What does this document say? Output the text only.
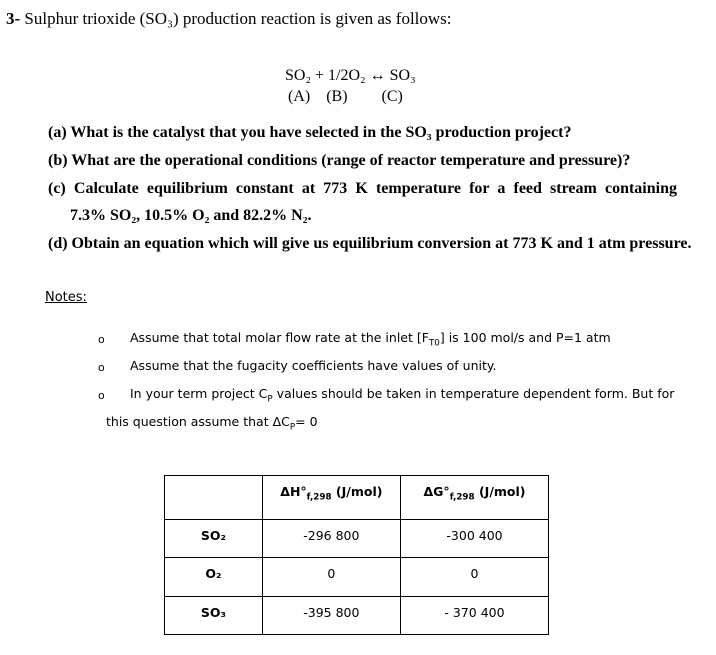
3- Sulphur trioxide (SO₃) production reaction is given as follows:
SO₂ + 1/2O₂ ↔ SO₃
(A) (B) (C)
(a) What is the catalyst that you have selected in the SO₃ production project?
(b) What are the operational conditions (range of reactor temperature and pressure)?
(c) Calculate equilibrium constant at 773 K temperature for a feed stream containing
7.3% SO₂, 10.5% O₂ and 82.2% N₂.
(d) Obtain an equation which will give us equilibrium conversion at 773 K and 1 atm pressure.
Notes:
o
o
o
Assume that total molar flow rate at the inlet $[F_{T0}]$ is 100 mol/s and P=1 atm
Assume that the fugacity coefficients have values of unity.
In your term project $C_P$ values should be taken in temperature dependent form. But for
this question assume that $\Delta C_P= 0$
	$\Delta H^\circ_{f,298}$ (J/mol)	$\Delta G^\circ_{f,298}$ (J/mol)
SO₂	-296 800	-300 400
O₂	0	0
SO₃	-395 800	- 370 400
